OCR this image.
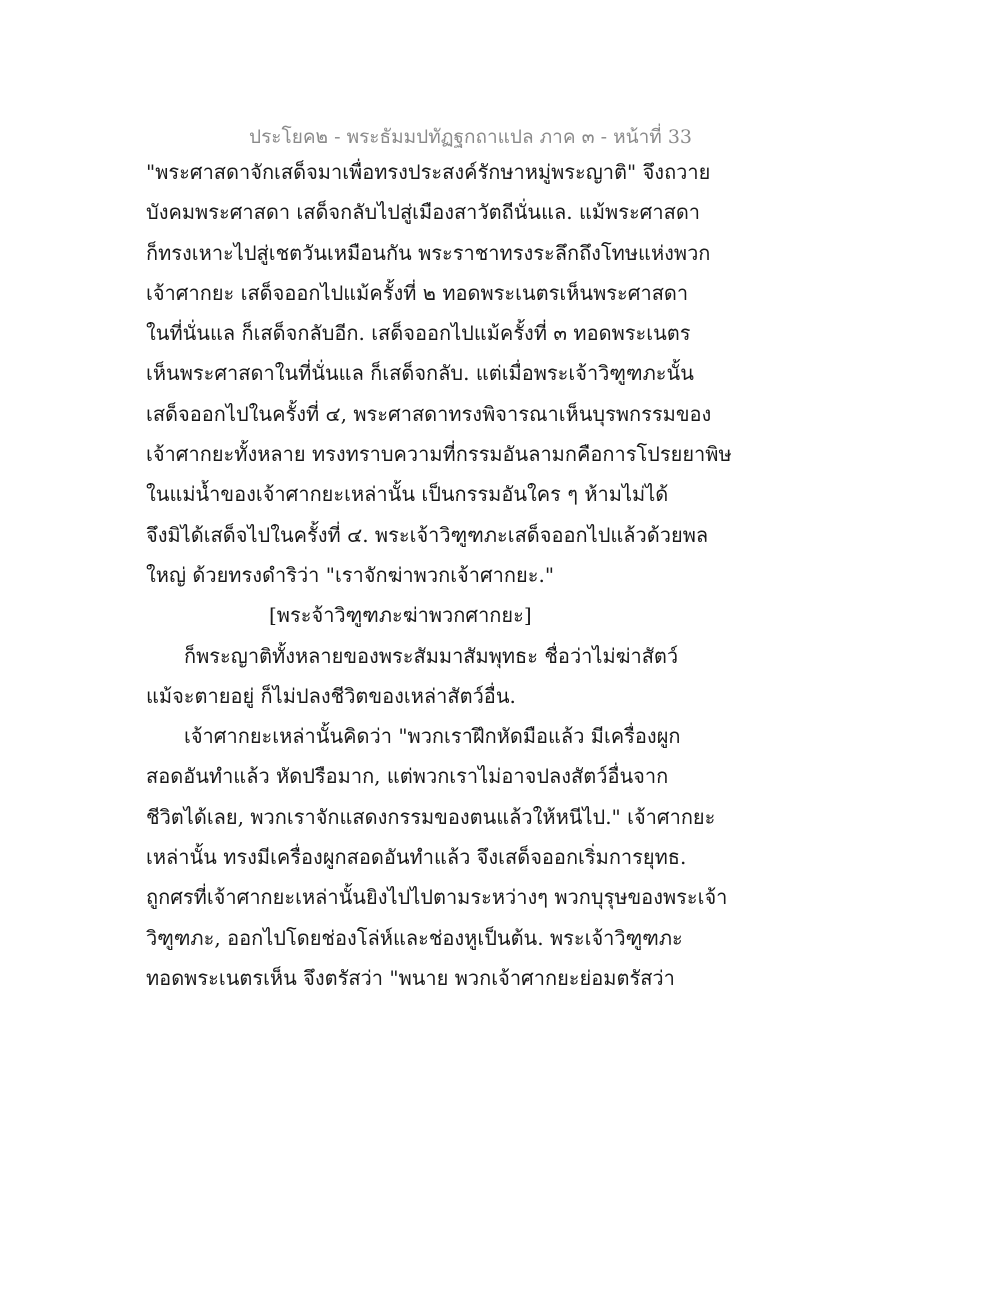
ประโยค๒ - พระธัมมปทัฏฐกถาแปล ภาค ๓ - หน้าที่ 33
"พระศาสดาจักเสด็จมาเพื่อทรงประสงค์รักษาหมู่พระญาติ" จึงถวาย
บังคมพระศาสดา เสด็จกลับไปสู่เมืองสาวัตถีนั่นแล. แม้พระศาสดา
ก็ทรงเหาะไปสู่เชตวันเหมือนกัน พระราชาทรงระลึกถึงโทษแห่งพวก
เจ้าศากยะ เสด็จออกไปแม้ครั้งที่ ๒ ทอดพระเนตรเห็นพระศาสดา
ในที่นั่นแล ก็เสด็จกลับอีก. เสด็จออกไปแม้ครั้งที่ ๓ ทอดพระเนตร
เห็นพระศาสดาในที่นั่นแล ก็เสด็จกลับ. แต่เมื่อพระเจ้าวิฑูฑภะนั้น
เสด็จออกไปในครั้งที่ ๔, พระศาสดาทรงพิจารณาเห็นบุรพกรรมของ
เจ้าศากยะทั้งหลาย ทรงทราบความที่กรรมอันลามกคือการโปรยยาพิษ
ในแม่น้ำของเจ้าศากยะเหล่านั้น เป็นกรรมอันใคร ๆ ห้ามไม่ได้
จึงมิได้เสด็จไปในครั้งที่ ๔. พระเจ้าวิฑูฑภะเสด็จออกไปแล้วด้วยพล
ใหญ่ ด้วยทรงดำริว่า "เราจักฆ่าพวกเจ้าศากยะ."
[พระจ้าวิฑูฑภะฆ่าพวกศากยะ]
ก็พระญาติทั้งหลายของพระสัมมาสัมพุทธะ ชื่อว่าไม่ฆ่าสัตว์
แม้จะตายอยู่ ก็ไม่ปลงชีวิตของเหล่าสัตว์อื่น.
เจ้าศากยะเหล่านั้นคิดว่า "พวกเราฝึกหัดมือแล้ว มีเครื่องผูก
สอดอันทำแล้ว หัดปรือมาก, แต่พวกเราไม่อาจปลงสัตว์อื่นจาก
ชีวิตได้เลย, พวกเราจักแสดงกรรมของตนแล้วให้หนีไป." เจ้าศากยะ
เหล่านั้น ทรงมีเครื่องผูกสอดอันทำแล้ว จึงเสด็จออกเริ่มการยุทธ.
ถูกศรที่เจ้าศากยะเหล่านั้นยิงไปไปตามระหว่างๆ พวกบุรุษของพระเจ้า
วิฑูฑภะ, ออกไปโดยช่องโล่ห์และช่องหูเป็นต้น. พระเจ้าวิฑูฑภะ
ทอดพระเนตรเห็น จึงตรัสว่า "พนาย พวกเจ้าศากยะย่อมตรัสว่า
